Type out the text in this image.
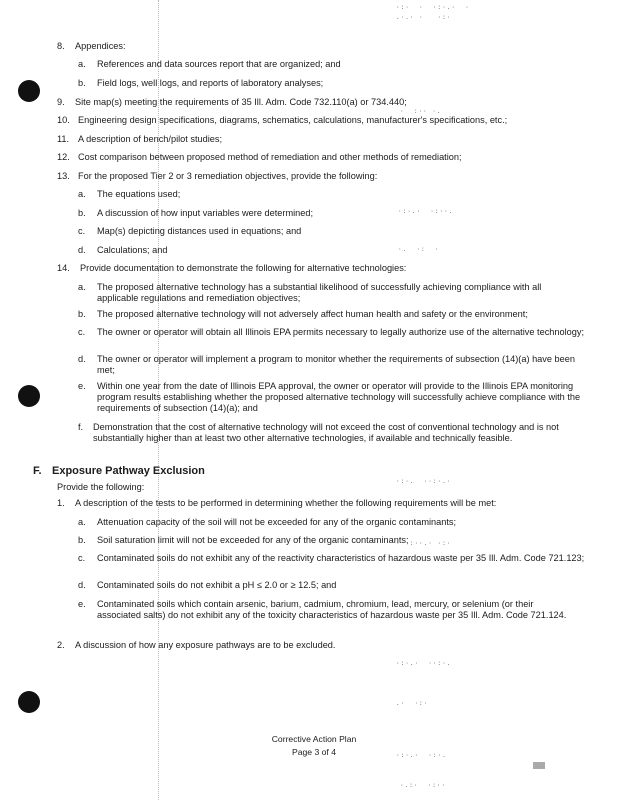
·:·  ·  ·:·.·  ·
.·.· ·   ·:·
·  :·· ·.
·:·.·  ·:··.
·.  ·:  ·
·:·.  ··:·.·
·  :··.· ·:·
·:·.·  ··:·.
.·  ·:·
·:·.·  ·:·.
·.:·  ·:··
8. Appendices:
a. References and data sources report that are organized; and
b. Field logs, well logs, and reports of laboratory analyses;
9. Site map(s) meeting the requirements of 35 Ill. Adm. Code 732.110(a) or 734.440;
10. Engineering design specifications, diagrams, schematics, calculations, manufacturer's specifications, etc.;
11. A description of bench/pilot studies;
12. Cost comparison between proposed method of remediation and other methods of remediation;
13. For the proposed Tier 2 or 3 remediation objectives, provide the following:
a. The equations used;
b. A discussion of how input variables were determined;
c. Map(s) depicting distances used in equations; and
d. Calculations; and
14. Provide documentation to demonstrate the following for alternative technologies:
a. The proposed alternative technology has a substantial likelihood of successfully achieving compliance with all applicable regulations and remediation objectives;
b. The proposed alternative technology will not adversely affect human health and safety or the environment;
c. The owner or operator will obtain all Illinois EPA permits necessary to legally authorize use of the alternative technology;
d. The owner or operator will implement a program to monitor whether the requirements of subsection (14)(a) have been met;
e. Within one year from the date of Illinois EPA approval, the owner or operator will provide to the Illinois EPA monitoring program results establishing whether the proposed alternative technology will successfully achieve compliance with the requirements of subsection (14)(a); and
f. Demonstration that the cost of alternative technology will not exceed the cost of conventional technology and is not substantially higher than at least two other alternative technologies, if available and technically feasible.
F. Exposure Pathway Exclusion
Provide the following:
1. A description of the tests to be performed in determining whether the following requirements will be met:
a. Attenuation capacity of the soil will not be exceeded for any of the organic contaminants;
b. Soil saturation limit will not be exceeded for any of the organic contaminants;
c. Contaminated soils do not exhibit any of the reactivity characteristics of hazardous waste per 35 Ill. Adm. Code 721.123;
d. Contaminated soils do not exhibit a pH ≤ 2.0 or ≥ 12.5; and
e. Contaminated soils which contain arsenic, barium, cadmium, chromium, lead, mercury, or selenium (or their associated salts) do not exhibit any of the toxicity characteristics of hazardous waste per 35 Ill. Adm. Code 721.124.
2. A discussion of how any exposure pathways are to be excluded.
Corrective Action Plan
Page 3 of 4
